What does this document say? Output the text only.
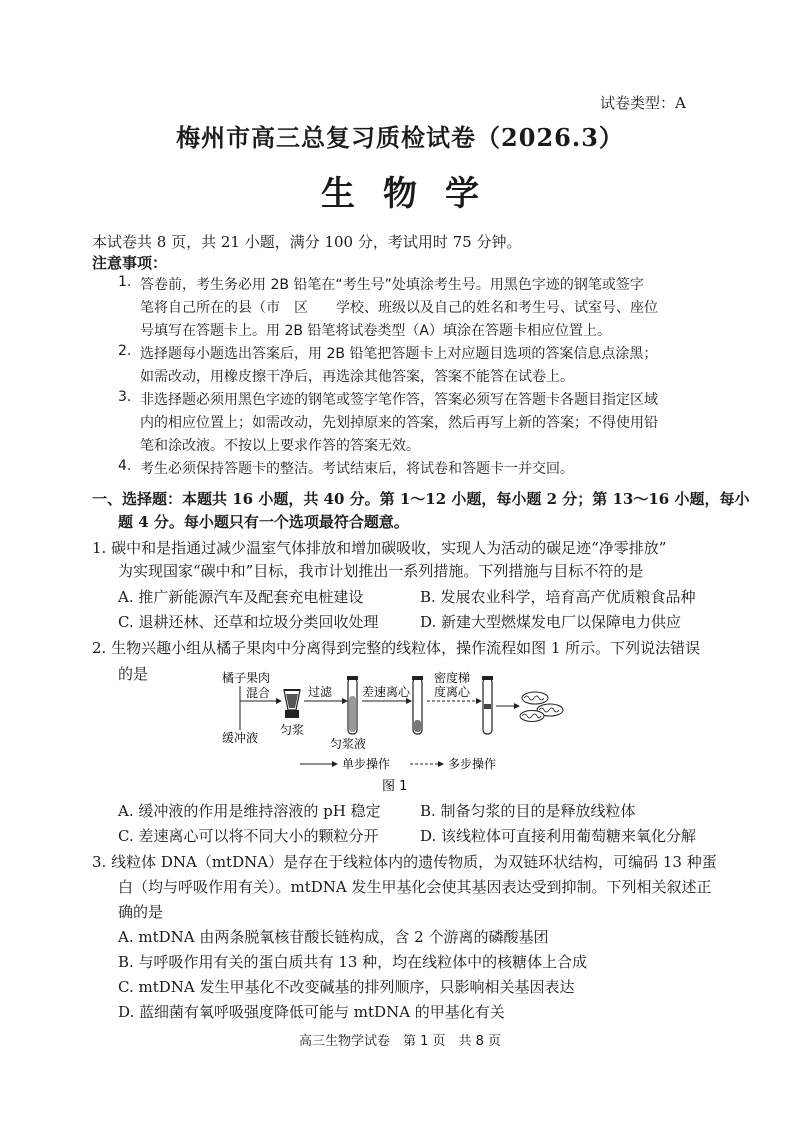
试卷类型：A
梅州市高三总复习质检试卷（2026.3）
生物学
本试卷共 8 页，共 21 小题，满分 100 分，考试用时 75 分钟。
注意事项：
1. 答卷前，考生务必用 2B 铅笔在“考生号”处填涂考生号。用黑色字迹的钢笔或签字
笔将自己所在的县（市　区　　学校、班级以及自己的姓名和考生号、试室号、座位
号填写在答题卡上。用 2B 铅笔将试卷类型（A）填涂在答题卡相应位置上。
2. 选择题每小题选出答案后，用 2B 铅笔把答题卡上对应题目选项的答案信息点涂黑；
如需改动，用橡皮擦干净后，再选涂其他答案，答案不能答在试卷上。
3. 非选择题必须用黑色字迹的钢笔或签字笔作答，答案必须写在答题卡各题目指定区域
内的相应位置上；如需改动，先划掉原来的答案，然后再写上新的答案；不得使用铅
笔和涂改液。不按以上要求作答的答案无效。
4. 考生必须保持答题卡的整洁。考试结束后，将试卷和答题卡一并交回。
一、选择题：本题共 16 小题，共 40 分。第 1～12 小题，每小题 2 分；第 13～16 小题，每小
题 4 分。每小题只有一个选项最符合题意。
1. 碳中和是指通过减少温室气体排放和增加碳吸收，实现人为活动的碳足迹“净零排放”
为实现国家“碳中和”目标，我市计划推出一系列措施。下列措施与目标不符的是
A. 推广新能源汽车及配套充电桩建设	B. 发展农业科学，培育高产优质粮食品种
C. 退耕还林、还草和垃圾分类回收处理	D. 新建大型燃煤发电厂以保障电力供应
2. 生物兴趣小组从橘子果肉中分离得到完整的线粒体，操作流程如图 1 所示。下列说法错误
的是	橘子果肉
混合
缓冲液
匀浆
过滤
匀浆液
差速离心
密度梯
度离心
单步操作	多步操作
图 1
A. 缓冲液的作用是维持溶液的 pH 稳定	B. 制备匀浆的目的是释放线粒体
C. 差速离心可以将不同大小的颗粒分开	D. 该线粒体可直接利用葡萄糖来氧化分解
3. 线粒体 DNA（mtDNA）是存在于线粒体内的遗传物质，为双链环状结构，可编码 13 种蛋
白（均与呼吸作用有关）。mtDNA 发生甲基化会使其基因表达受到抑制。下列相关叙述正
确的是
A. mtDNA 由两条脱氧核苷酸长链构成，含 2 个游离的磷酸基团
B. 与呼吸作用有关的蛋白质共有 13 种，均在线粒体中的核糖体上合成
C. mtDNA 发生甲基化不改变碱基的排列顺序，只影响相关基因表达
D. 蓝细菌有氧呼吸强度降低可能与 mtDNA 的甲基化有关
高三生物学试卷　第 1 页　共 8 页
